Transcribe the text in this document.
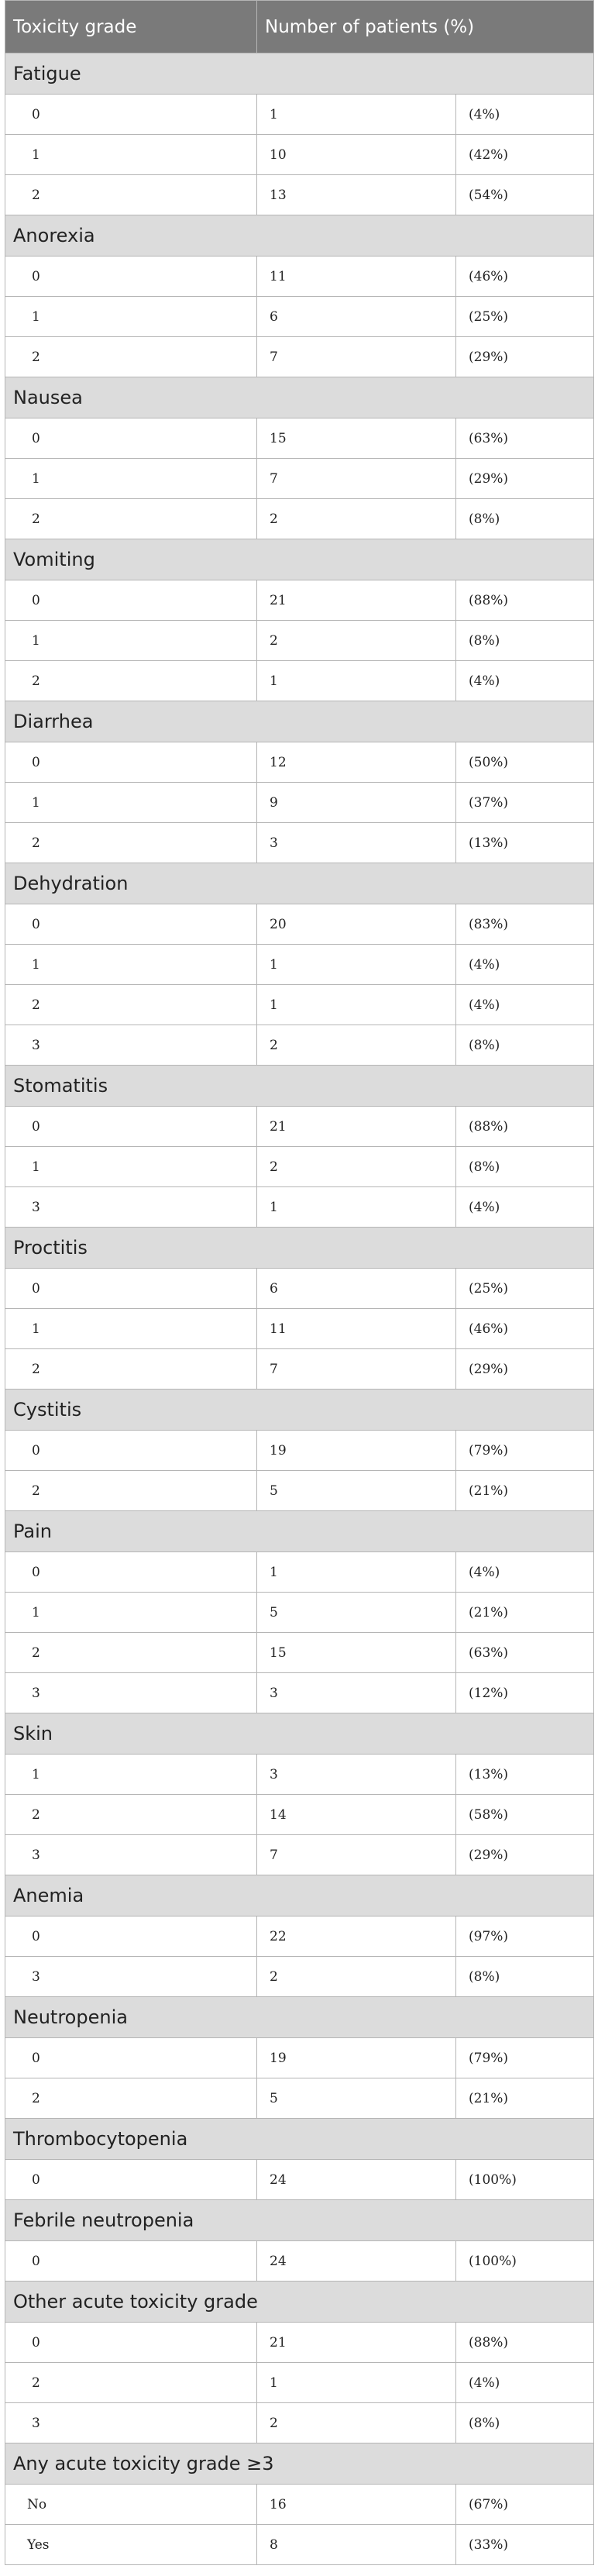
Toxicity grade	Number of patients (%)	
Fatigue		
0	1	(4%)
1	10	(42%)
2	13	(54%)
Anorexia		
0	11	(46%)
1	6	(25%)
2	7	(29%)
Nausea		
0	15	(63%)
1	7	(29%)
2	2	(8%)
Vomiting		
0	21	(88%)
1	2	(8%)
2	1	(4%)
Diarrhea		
0	12	(50%)
1	9	(37%)
2	3	(13%)
Dehydration		
0	20	(83%)
1	1	(4%)
2	1	(4%)
3	2	(8%)
Stomatitis		
0	21	(88%)
1	2	(8%)
3	1	(4%)
Proctitis		
0	6	(25%)
1	11	(46%)
2	7	(29%)
Cystitis		
0	19	(79%)
2	5	(21%)
Pain		
0	1	(4%)
1	5	(21%)
2	15	(63%)
3	3	(12%)
Skin		
1	3	(13%)
2	14	(58%)
3	7	(29%)
Anemia		
0	22	(97%)
3	2	(8%)
Neutropenia		
0	19	(79%)
2	5	(21%)
Thrombocytopenia		
0	24	(100%)
Febrile neutropenia		
0	24	(100%)
Other acute toxicity grade		
0	21	(88%)
2	1	(4%)
3	2	(8%)
Any acute toxicity grade ≥3		
No	16	(67%)
Yes	8	(33%)
